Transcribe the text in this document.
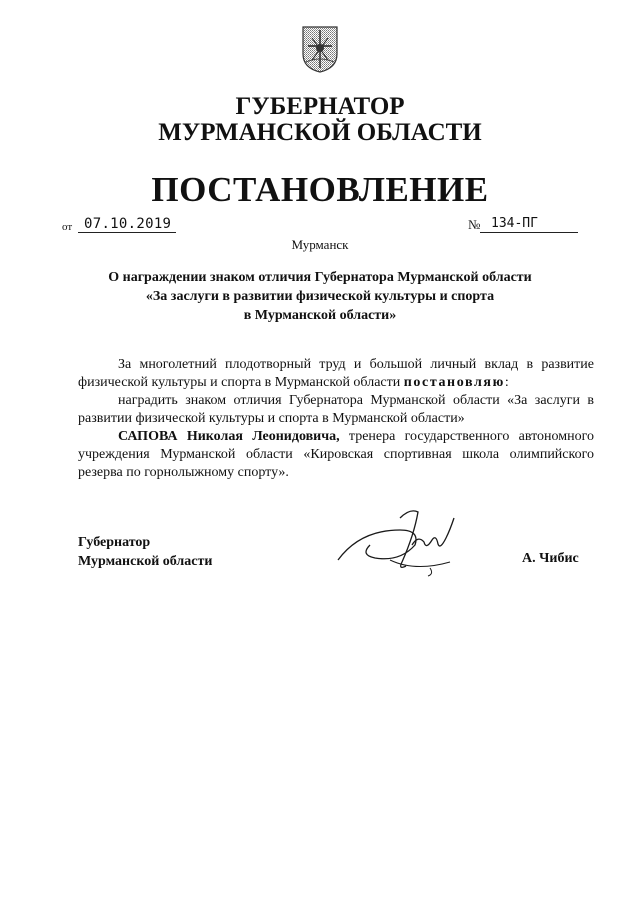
ГУБЕРНАТОР
МУРМАНСКОЙ ОБЛАСТИ
ПОСТАНОВЛЕНИЕ
от 07.10.2019	№ 134-ПГ
Мурманск
О награждении знаком отличия Губернатора Мурманской области
«За заслуги в развитии физической культуры и спорта
в Мурманской области»
За многолетний плодотворный труд и большой личный вклад в развитие физической культуры и спорта в Мурманской области постановляю:
наградить знаком отличия Губернатора Мурманской области «За заслуги в развитии физической культуры и спорта в Мурманской области»
САПОВА Николая Леонидовича, тренера государственного автономного учреждения Мурманской области «Кировская спортивная школа олимпийского резерва по горнолыжному спорту».
Губернатор
Мурманской области	А. Чибис
